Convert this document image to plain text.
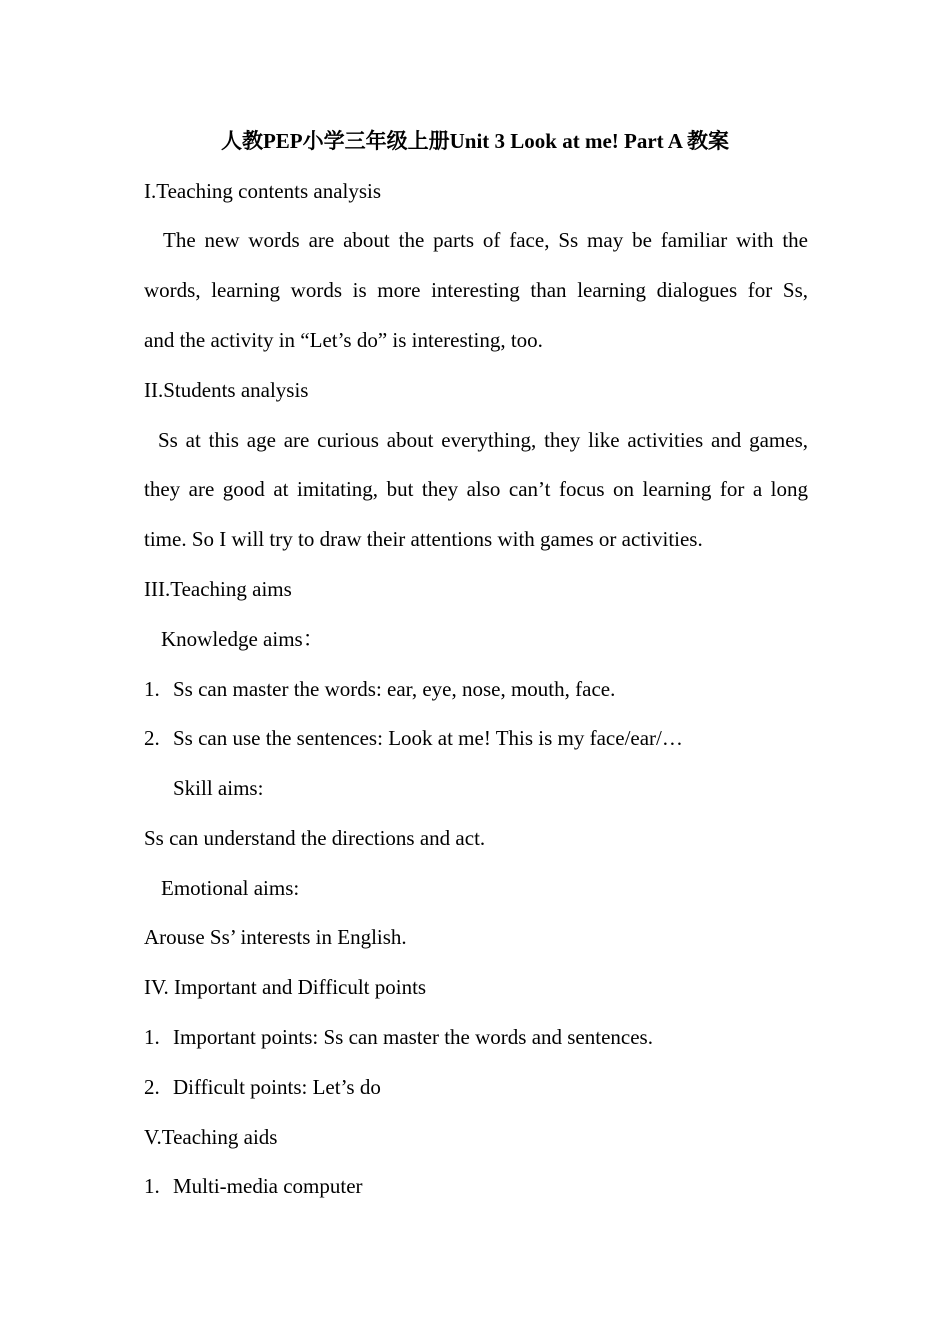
人教PEP小学三年级上册Unit 3 Look at me! Part A 教案

I.Teaching contents analysis

The new words are about the parts of face, Ss may be familiar with the

words, learning words is more interesting than learning dialogues for Ss,

and the activity in “Let’s do” is interesting, too.

II.Students analysis

Ss at this age are curious about everything, they like activities and games,

they are good at imitating, but they also can’t focus on learning for a long

time. So I will try to draw their attentions with games or activities.

III.Teaching aims

Knowledge aims：

1. Ss can master the words: ear, eye, nose, mouth, face.

2. Ss can use the sentences: Look at me! This is my face/ear/…

Skill aims:

Ss can understand the directions and act.

Emotional aims:

Arouse Ss’ interests in English.

IV. Important and Difficult points

1. Important points: Ss can master the words and sentences.

2. Difficult points: Let’s do

V.Teaching aids

1. Multi-media computer
